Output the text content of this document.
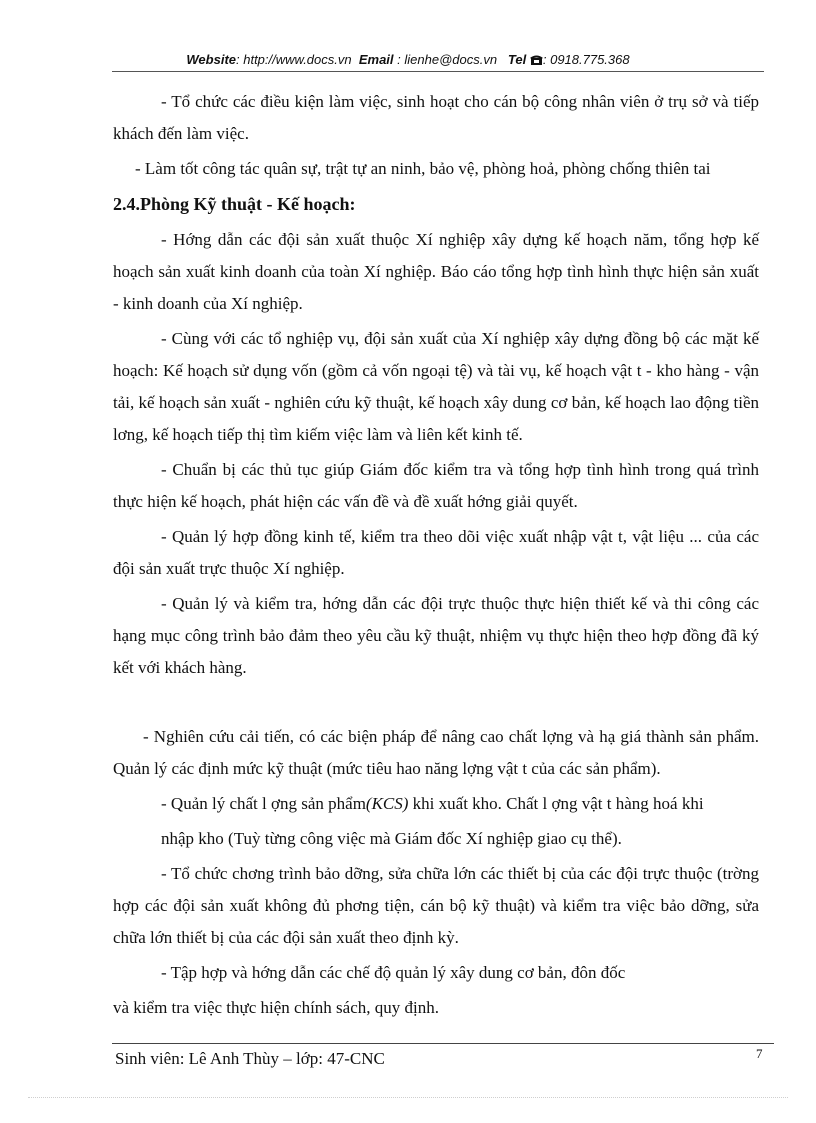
Website: http://www.docs.vn Email : lienhe@docs.vn Tel : 0918.775.368

- Tổ chức các điều kiện làm việc, sinh hoạt cho cán bộ công nhân viên ở trụ sở và tiếp khách đến làm việc.

- Làm tốt công tác quân sự, trật tự an ninh, bảo vệ, phòng hoả, phòng chống thiên tai

2.4.Phòng Kỹ thuật - Kế hoạch:

- Hớng dẫn các đội sản xuất thuộc Xí nghiệp xây dựng kế hoạch năm, tổng hợp kế hoạch sản xuất kinh doanh của toàn Xí nghiệp. Báo cáo tổng hợp tình hình thực hiện sản xuất - kinh doanh của Xí nghiệp.

- Cùng với các tổ nghiệp vụ, đội sản xuất của Xí nghiệp xây dựng đồng bộ các mặt kế hoạch: Kế hoạch sử dụng vốn (gồm cả vốn ngoại tệ) và tài vụ, kế hoạch vật t - kho hàng - vận tải, kế hoạch sản xuất - nghiên cứu kỹ thuật, kế hoạch xây dung cơ bản, kế hoạch lao động tiền lơng, kế hoạch tiếp thị tìm kiếm việc làm và liên kết kinh tế.

- Chuẩn bị các thủ tục giúp Giám đốc kiểm tra và tổng hợp tình hình trong quá trình thực hiện kế hoạch, phát hiện các vấn đề và đề xuất hớng giải quyết.

- Quản lý hợp đồng kinh tế, kiểm tra theo dõi việc xuất nhập vật t, vật liệu ... của các đội sản xuất trực thuộc Xí nghiệp.

- Quản lý và kiểm tra, hớng dẫn các đội trực thuộc thực hiện thiết kế và thi công các hạng mục công trình bảo đảm theo yêu cầu kỹ thuật, nhiệm vụ thực hiện theo hợp đồng đã ký kết với khách hàng.

- Nghiên cứu cải tiến, có các biện pháp để nâng cao chất lợng và hạ giá thành sản phẩm. Quản lý các định mức kỹ thuật (mức tiêu hao năng lợng vật t của các sản phẩm).

- Quản lý chất l ợng sản phẩm(KCS) khi xuất kho. Chất l ợng vật t hàng hoá khi

nhập kho (Tuỳ từng công việc mà Giám đốc Xí nghiệp giao cụ thể).

- Tổ chức chơng trình bảo dỡng, sửa chữa lớn các thiết bị của các đội trực thuộc (trờng hợp các đội sản xuất không đủ phơng tiện, cán bộ kỹ thuật) và kiểm tra việc bảo dỡng, sửa chữa lớn thiết bị của các đội sản xuất theo định kỳ.

- Tập hợp và hớng dẫn các chế độ quản lý xây dung cơ bản, đôn đốc

và kiểm tra việc thực hiện chính sách, quy định.

Sinh viên: Lê Anh Thùy – lớp: 47-CNC	7
